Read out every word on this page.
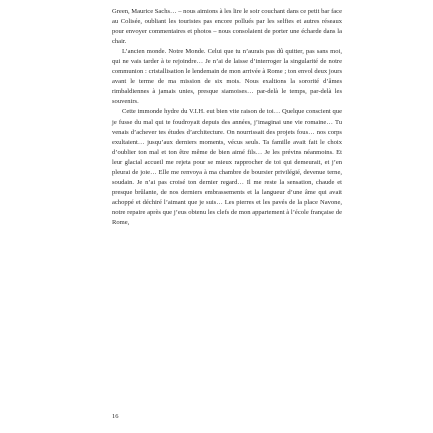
Green, Maurice Sachs… – nous aimions à les lire le soir couchant dans ce petit bar face au Colisée, oubliant les touristes pas encore pollués par les selfies et autres réseaux pour envoyer commentaires et photos – nous consolaient de porter une écharde dans la chair.

L’ancien monde. Notre Monde. Celui que tu n’aurais pas dû quitter, pas sans moi, qui ne vais tarder à te rejoindre… Je n’ai de laisse d’interroger la singularité de notre communion : cristallisation le lendemain de mon arrivée à Rome ; ton envol deux jours avant le terme de ma mission de six mois. Nous exaltions la sororité d’âmes rimbaldiennes à jamais unies, presque siamoises… par-delà le temps, par-delà les souvenirs.

Cette immonde hydre du V.I.H. eut bien vite raison de toi… Quelque conscient que je fusse du mal qui te foudroyait depuis des années, j’imaginai une vie romaine… Tu venais d’achever tes études d’architecture. On nourrissait des projets fous… nos corps exultaient… jusqu’aux derniers moments, vécus seuls. Ta famille avait fait le choix d’oublier ton mal et ton être même de bien aimé fils… Je les prévins néanmoins. Et leur glacial accueil me rejeta pour se mieux rapprocher de toi qui demeurait, et j’en pleurai de joie… Elle me renvoya à ma chambre de boursier privilégié, devenue terne, soudain. Je n’ai pas croisé ton dernier regard… Il me reste la sensation, chaude et presque brûlante, de nos derniers embrassements et la langueur d’une âme qui avait achoppé et déchiré l’aimant que je suis… Les pierres et les pavés de la place Navone, notre repaire après que j’eus obtenu les clefs de mon appartement à l’école française de Rome,

16
